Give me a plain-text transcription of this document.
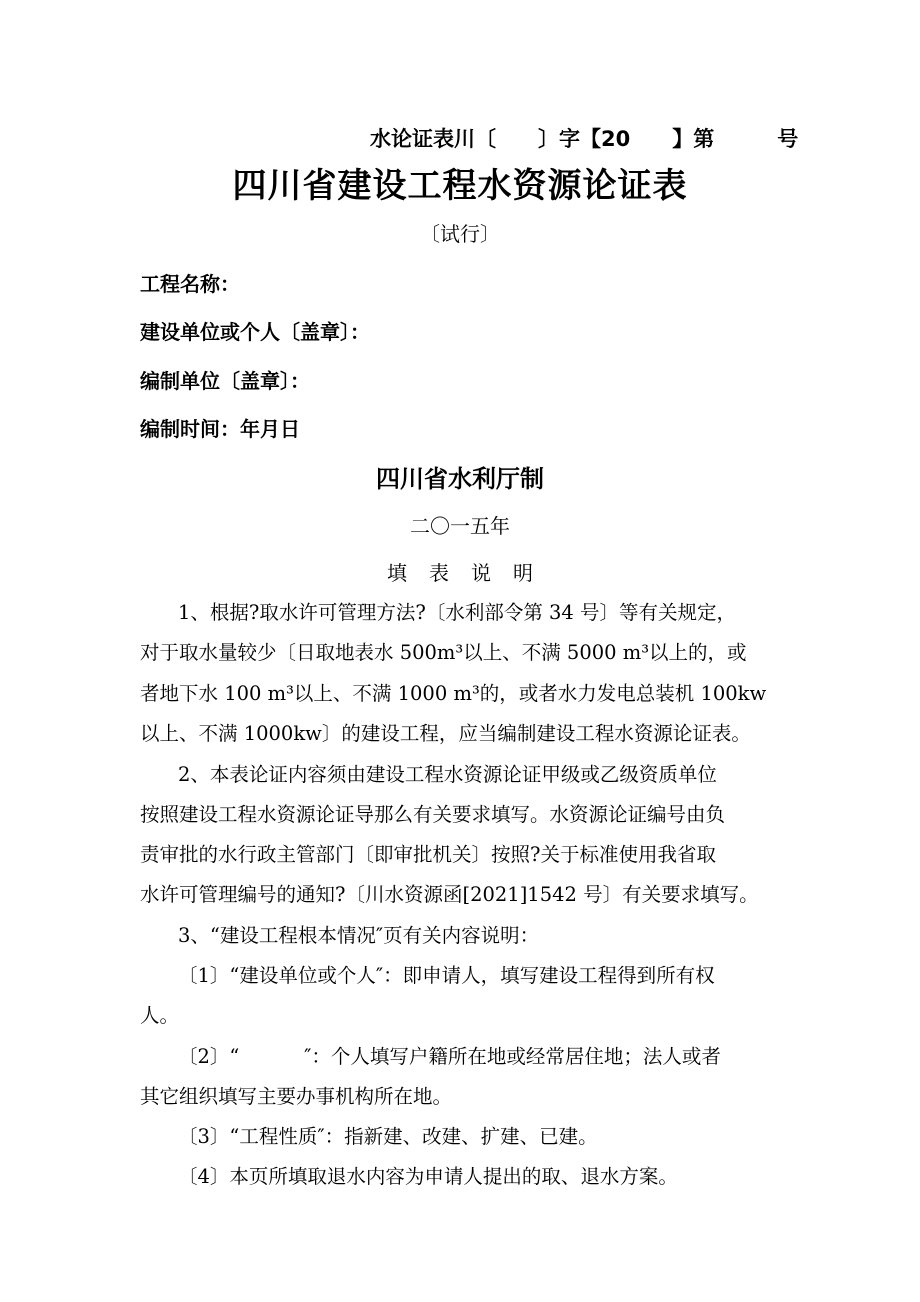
水论证表川〔　　〕字【20　　】第　　　号
四川省建设工程水资源论证表
〔试行〕
工程名称：
建设单位或个人〔盖章〕：
编制单位〔盖章〕：
编制时间：年月日
四川省水利厅制
二〇一五年
填表说明
1、根据?取水许可管理方法?〔水利部令第 34 号〕等有关规定，
对于取水量较少〔日取地表水 500m³以上、不满 5000 m³以上的，或
者地下水 100 m³以上、不满 1000 m³的，或者水力发电总装机 100kw
以上、不满 1000kw〕的建设工程，应当编制建设工程水资源论证表。
2、本表论证内容须由建设工程水资源论证甲级或乙级资质单位
按照建设工程水资源论证导那么有关要求填写。水资源论证编号由负
责审批的水行政主管部门〔即审批机关〕按照?关于标准使用我省取
水许可管理编号的通知?〔川水资源函[2021]1542 号〕有关要求填写。
3、“建设工程根本情况″页有关内容说明：
〔1〕“建设单位或个人″：即申请人，填写建设工程得到所有权
人。
〔2〕“　　　 ″：个人填写户籍所在地或经常居住地；法人或者
其它组织填写主要办事机构所在地。
〔3〕“工程性质″：指新建、改建、扩建、已建。
〔4〕本页所填取退水内容为申请人提出的取、退水方案。
